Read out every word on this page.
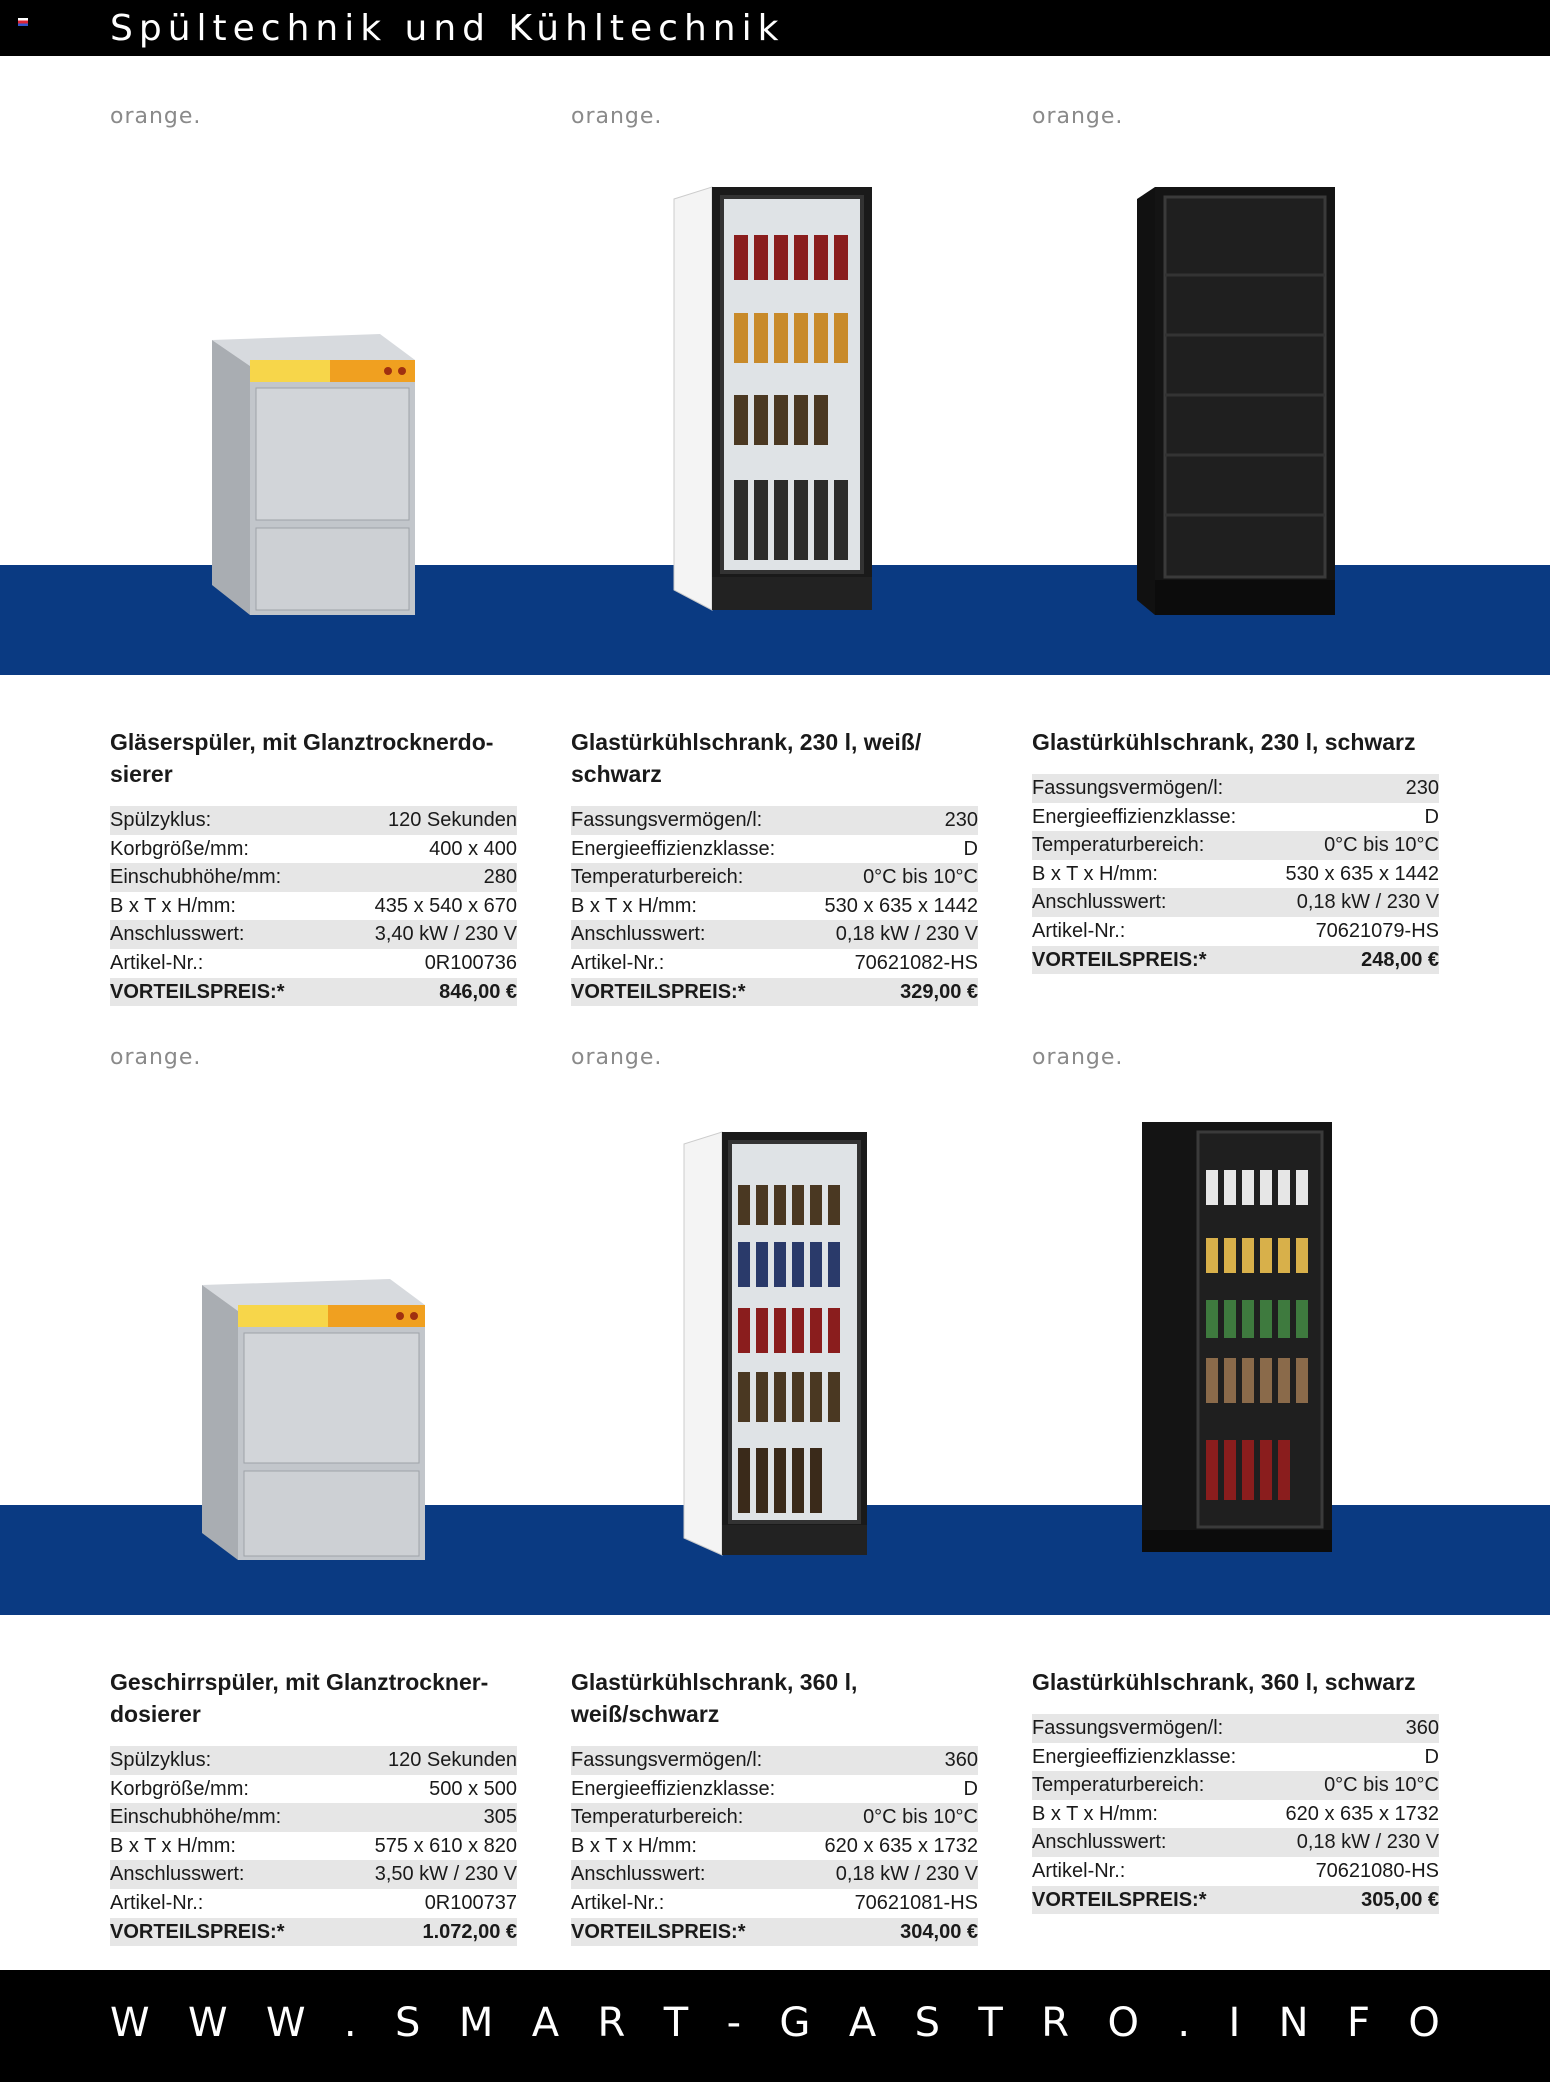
Spültechnik und Kühltechnik
orange.	orange.	orange.
orange.	orange.	orange.
Gläserspüler, mit Glanztrocknerdo-
sierer
Spülzyklus:	120 Sekunden
Korbgröße/mm:	400 x 400
Einschubhöhe/mm:	280
B x T x H/mm:	435 x 540 x 670
Anschlusswert:	3,40 kW / 230 V
Artikel-Nr.:	0R100736
VORTEILSPREIS:*	846,00 €
Glastürkühlschrank, 230 l, weiß/
schwarz
Fassungsvermögen/l:	230
Energieeffizienzklasse:	D
Temperaturbereich:	0°C bis 10°C
B x T x H/mm:	530 x 635 x 1442
Anschlusswert:	0,18 kW / 230 V
Artikel-Nr.:	70621082-HS
VORTEILSPREIS:*	329,00 €
Glastürkühlschrank, 230 l, schwarz
Fassungsvermögen/l:	230
Energieeffizienzklasse:	D
Temperaturbereich:	0°C bis 10°C
B x T x H/mm:	530 x 635 x 1442
Anschlusswert:	0,18 kW / 230 V
Artikel-Nr.:	70621079-HS
VORTEILSPREIS:*	248,00 €
Geschirrspüler, mit Glanztrockner-
dosierer
Spülzyklus:	120 Sekunden
Korbgröße/mm:	500 x 500
Einschubhöhe/mm:	305
B x T x H/mm:	575 x 610 x 820
Anschlusswert:	3,50 kW / 230 V
Artikel-Nr.:	0R100737
VORTEILSPREIS:*	1.072,00 €
Glastürkühlschrank, 360 l,
weiß/schwarz
Fassungsvermögen/l:	360
Energieeffizienzklasse:	D
Temperaturbereich:	0°C bis 10°C
B x T x H/mm:	620 x 635 x 1732
Anschlusswert:	0,18 kW / 230 V
Artikel-Nr.:	70621081-HS
VORTEILSPREIS:*	304,00 €
Glastürkühlschrank, 360 l, schwarz
Fassungsvermögen/l:	360
Energieeffizienzklasse:	D
Temperaturbereich:	0°C bis 10°C
B x T x H/mm:	620 x 635 x 1732
Anschlusswert:	0,18 kW / 230 V
Artikel-Nr.:	70621080-HS
VORTEILSPREIS:*	305,00 €
W W W . S M A R T - G A S T R O . I N F O
